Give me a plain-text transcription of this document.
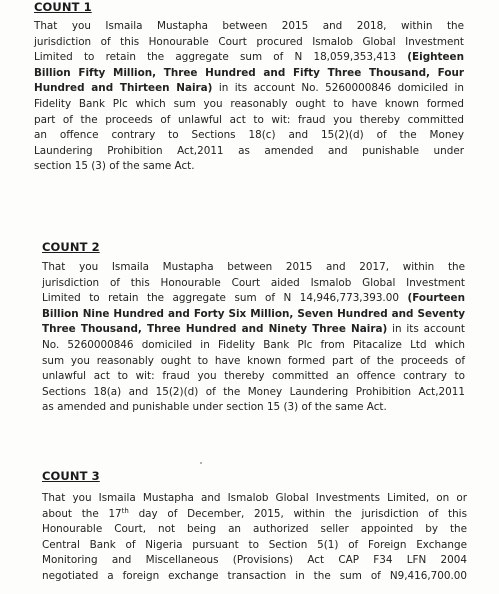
COUNT 1
That you Ismaila Mustapha between 2015 and 2018, within the
jurisdiction of this Honourable Court procured Ismalob Global Investment
Limited to retain the aggregate sum of N 18,059,353,413 (Eighteen
Billion Fifty Million, Three Hundred and Fifty Three Thousand, Four
Hundred and Thirteen Naira) in its account No. 5260000846 domiciled in
Fidelity Bank Plc which sum you reasonably ought to have known formed
part of the proceeds of unlawful act to wit: fraud you thereby committed
an offence contrary to Sections 18(c) and 15(2)(d) of the Money
Laundering Prohibition Act,2011 as amended and punishable under
section 15 (3) of the same Act.
COUNT 2
That you Ismaila Mustapha between 2015 and 2017, within the
jurisdiction of this Honourable Court aided Ismalob Global Investment
Limited to retain the aggregate sum of N 14,946,773,393.00 (Fourteen
Billion Nine Hundred and Forty Six Million, Seven Hundred and Seventy
Three Thousand, Three Hundred and Ninety Three Naira) in its account
No. 5260000846 domiciled in Fidelity Bank Plc from Pitacalize Ltd which
sum you reasonably ought to have known formed part of the proceeds of
unlawful act to wit: fraud you thereby committed an offence contrary to
Sections 18(a) and 15(2)(d) of the Money Laundering Prohibition Act,2011
as amended and punishable under section 15 (3) of the same Act.
COUNT 3
That you Ismaila Mustapha and Ismalob Global Investments Limited, on or
about the 17th day of December, 2015, within the jurisdiction of this
Honourable Court, not being an authorized seller appointed by the
Central Bank of Nigeria pursuant to Section 5(1) of Foreign Exchange
Monitoring and Miscellaneous (Provisions) Act CAP F34 LFN 2004
negotiated a foreign exchange transaction in the sum of N9,416,700.00
